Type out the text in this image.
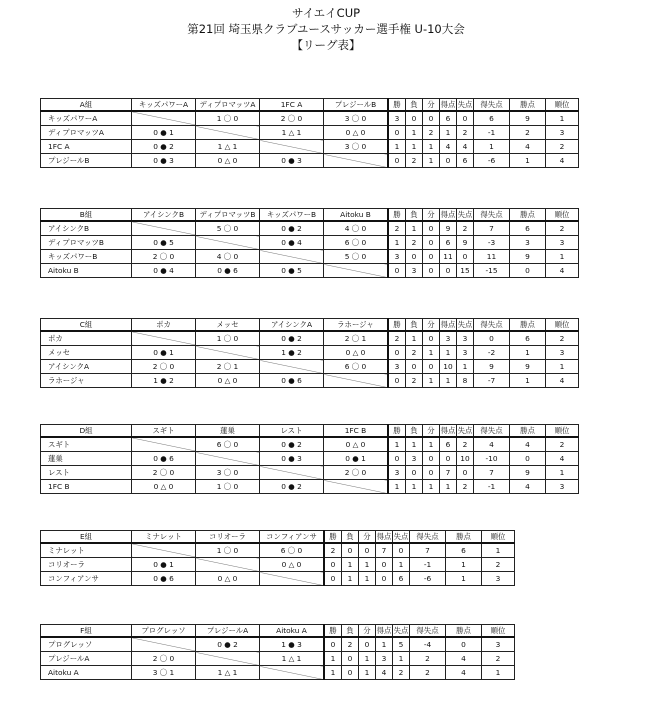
サイエイCUP
第21回 埼玉県クラブユースサッカー選手権 U-10大会
【リーグ表】
A組	キッズパワーA	ディプロマッツA	1FC A	プレジールB	勝	負	分	得点	失点	得失点	勝点	順位
キッズパワーA		1 〇 0	2 〇 0	3 〇 0	3	0	0	6	0	6	9	1
ディプロマッツA	0 ● 1		1 △ 1	0 △ 0	0	1	2	1	2	-1	2	3
1FC A	0 ● 2	1 △ 1		3 〇 0	1	1	1	4	4	1	4	2
プレジールB	0 ● 3	0 △ 0	0 ● 3		0	2	1	0	6	-6	1	4
B組	アイシンクB	ディプロマッツB	キッズパワーB	Aitoku B	勝	負	分	得点	失点	得失点	勝点	順位
アイシンクB		5 〇 0	0 ● 2	4 〇 0	2	1	0	9	2	7	6	2
ディプロマッツB	0 ● 5		0 ● 4	6 〇 0	1	2	0	6	9	-3	3	3
キッズパワーB	2 〇 0	4 〇 0		5 〇 0	3	0	0	11	0	11	9	1
Aitoku B	0 ● 4	0 ● 6	0 ● 5		0	3	0	0	15	-15	0	4
C組	ポカ	メッセ	アイシンクA	ラホージャ	勝	負	分	得点	失点	得失点	勝点	順位
ポカ		1 〇 0	0 ● 2	2 〇 1	2	1	0	3	3	0	6	2
メッセ	0 ● 1		1 ● 2	0 △ 0	0	2	1	1	3	-2	1	3
アイシンクA	2 〇 0	2 〇 1		6 〇 0	3	0	0	10	1	9	9	1
ラホージャ	1 ● 2	0 △ 0	0 ● 6		0	2	1	1	8	-7	1	4
D組	スギト	蓮巣	レスト	1FC B	勝	負	分	得点	失点	得失点	勝点	順位
スギト		6 〇 0	0 ● 2	0 △ 0	1	1	1	6	2	4	4	2
蓮巣	0 ● 6		0 ● 3	0 ● 1	0	3	0	0	10	-10	0	4
レスト	2 〇 0	3 〇 0		2 〇 0	3	0	0	7	0	7	9	1
1FC B	0 △ 0	1 〇 0	0 ● 2		1	1	1	1	2	-1	4	3
E組	ミナレット	コリオーラ	コンフィアンサ	勝	負	分	得点	失点	得失点	勝点	順位
ミナレット		1 〇 0	6 〇 0	2	0	0	7	0	7	6	1
コリオーラ	0 ● 1		0 △ 0	0	1	1	0	1	-1	1	2
コンフィアンサ	0 ● 6	0 △ 0		0	1	1	0	6	-6	1	3
F組	プログレッソ	プレジールA	Aitoku A	勝	負	分	得点	失点	得失点	勝点	順位
プログレッソ		0 ● 2	1 ● 3	0	2	0	1	5	-4	0	3
プレジールA	2 〇 0		1 △ 1	1	0	1	3	1	2	4	2
Aitoku A	3 〇 1	1 △ 1		1	0	1	4	2	2	4	1
